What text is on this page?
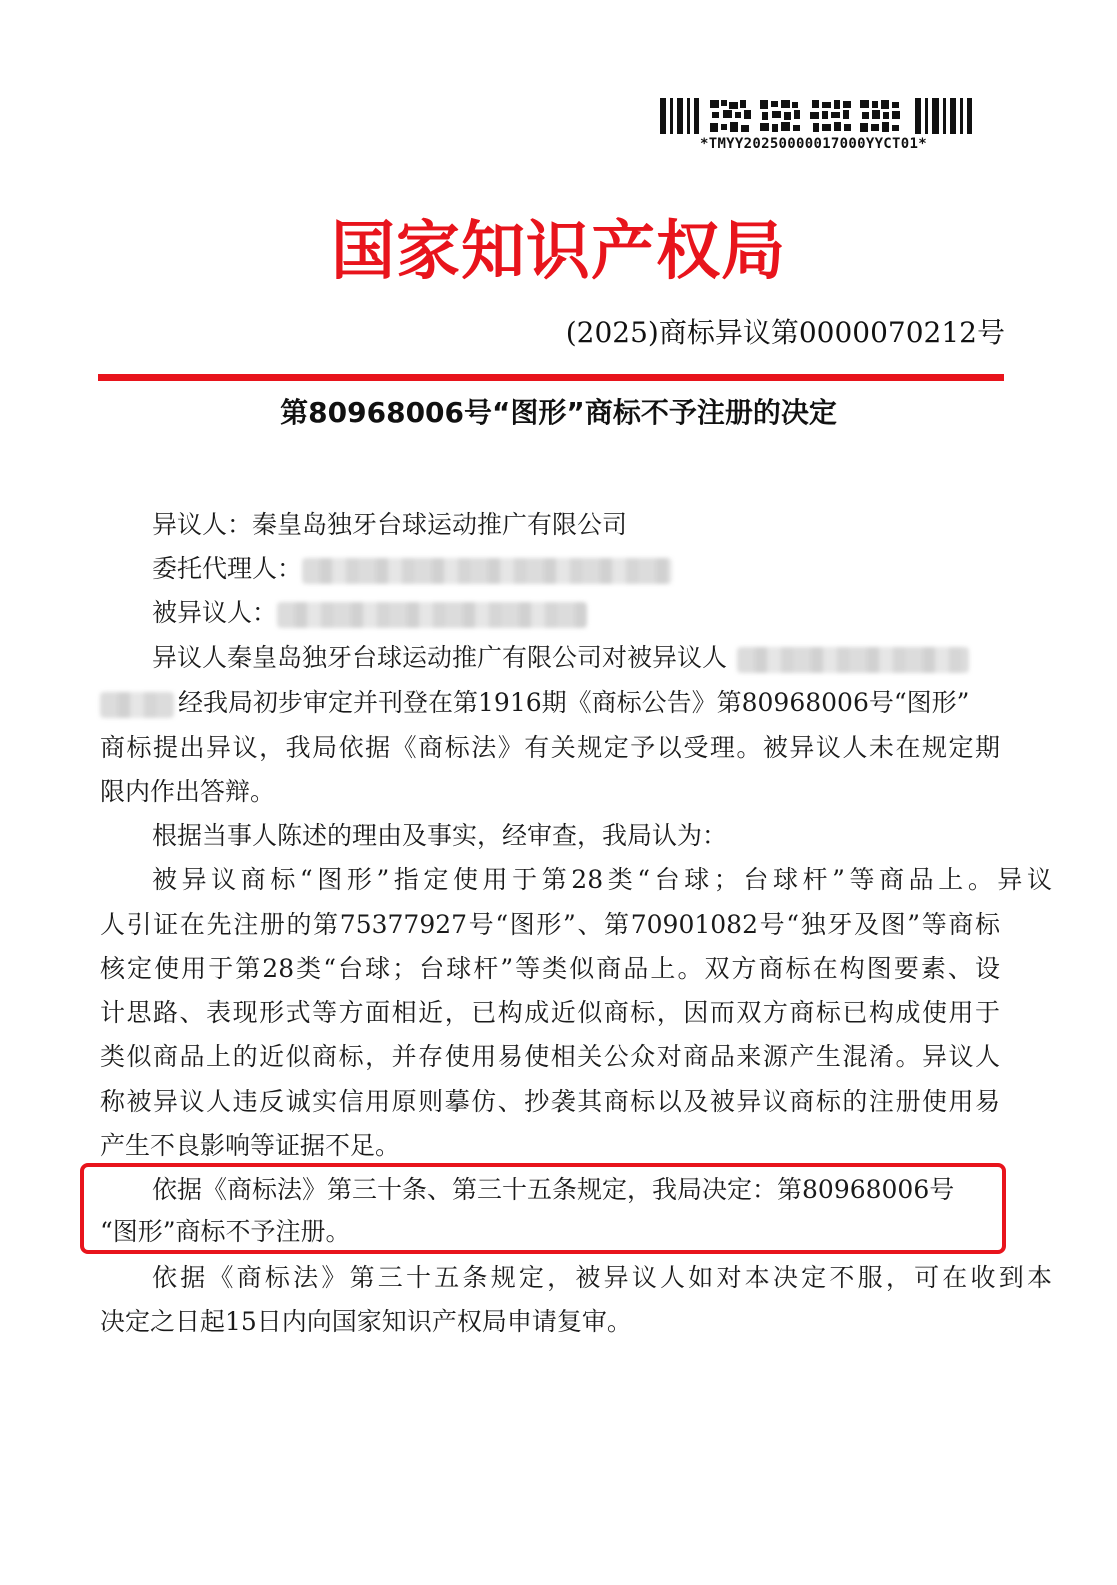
*TMYY20250000017000YYCT01*
国家知识产权局
(2025)商标异议第0000070212号
第80968006号“图形”商标不予注册的决定
异议人：秦皇岛独牙台球运动推广有限公司
委托代理人：
被异议人：
异议人秦皇岛独牙台球运动推广有限公司对被异议人
经我局初步审定并刊登在第1916期《商标公告》第80968006号“图形”
商标提出异议，我局依据《商标法》有关规定予以受理。被异议人未在规定期
限内作出答辩。
根据当事人陈述的理由及事实，经审查，我局认为：
被异议商标“图形”指定使用于第28类“台球；台球杆”等商品上。异议
人引证在先注册的第75377927号“图形”、第70901082号“独牙及图”等商标
核定使用于第28类“台球；台球杆”等类似商品上。双方商标在构图要素、设
计思路、表现形式等方面相近，已构成近似商标，因而双方商标已构成使用于
类似商品上的近似商标，并存使用易使相关公众对商品来源产生混淆。异议人
称被异议人违反诚实信用原则摹仿、抄袭其商标以及被异议商标的注册使用易
产生不良影响等证据不足。
依据《商标法》第三十条、第三十五条规定，我局决定：第80968006号
“图形”商标不予注册。
依据《商标法》第三十五条规定，被异议人如对本决定不服，可在收到本
决定之日起15日内向国家知识产权局申请复审。
